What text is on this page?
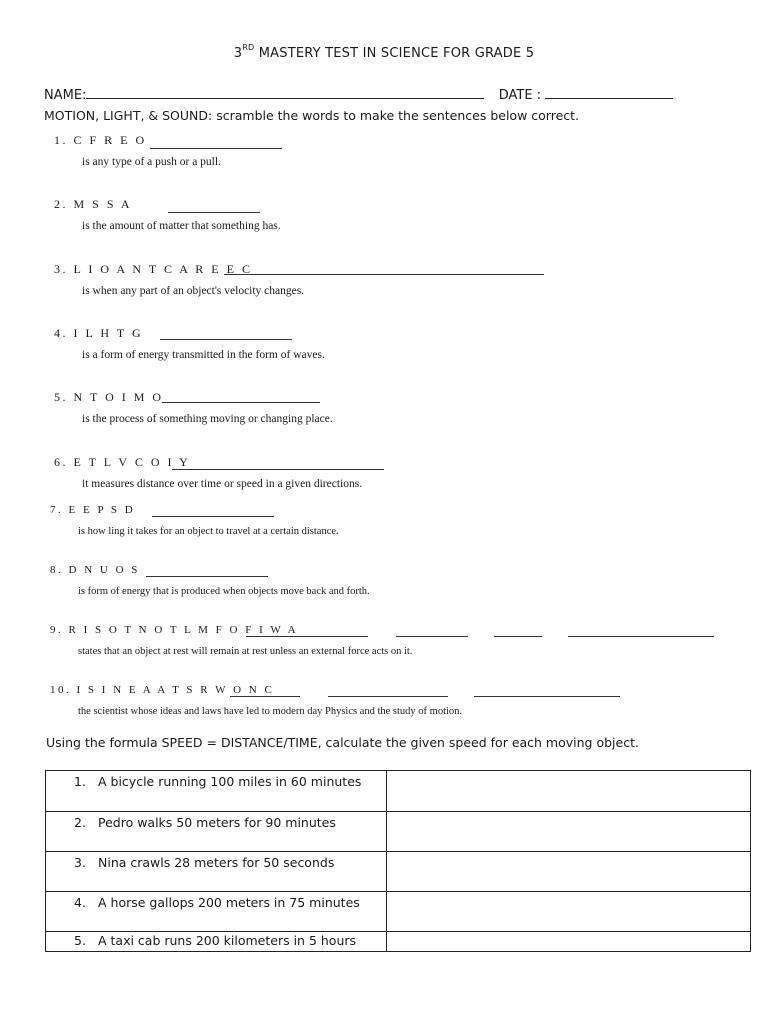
3RD MASTERY TEST IN SCIENCE FOR GRADE 5
NAME:	DATE :
MOTION, LIGHT, & SOUND: scramble the words to make the sentences below correct.
1. C F R E O
is any type of a push or a pull.
2. M S S A
is the amount of matter that something has.
3. L I O A N T C A R E E C
is when any part of an object's velocity changes.
4. I L H T G
is a form of energy transmitted in the form of waves.
5. N T O I M O
is the process of something moving or changing place.
6. E T L V C O I Y
it measures distance over time or speed in a given directions.
7. E E P S D
is how ling it takes for an object to travel at a certain distance.
8. D N U O S
is form of energy that is produced when objects move back and forth.
9. R I S O T N O T L M F O F I W A
states that an object at rest will remain at rest unless an external force acts on it.
10. I S I N E A A T S R W O N C
the scientist whose ideas and laws have led to modern day Physics and the study of motion.
Using the formula SPEED = DISTANCE/TIME, calculate the given speed for each moving object.
1. A bicycle running 100 miles in 60 minutes	

2. Pedro walks 50 meters for 90 minutes	

3. Nina crawls 28 meters for 50 seconds	

4. A horse gallops 200 meters in 75 minutes	

5. A taxi cab runs 200 kilometers in 5 hours	
